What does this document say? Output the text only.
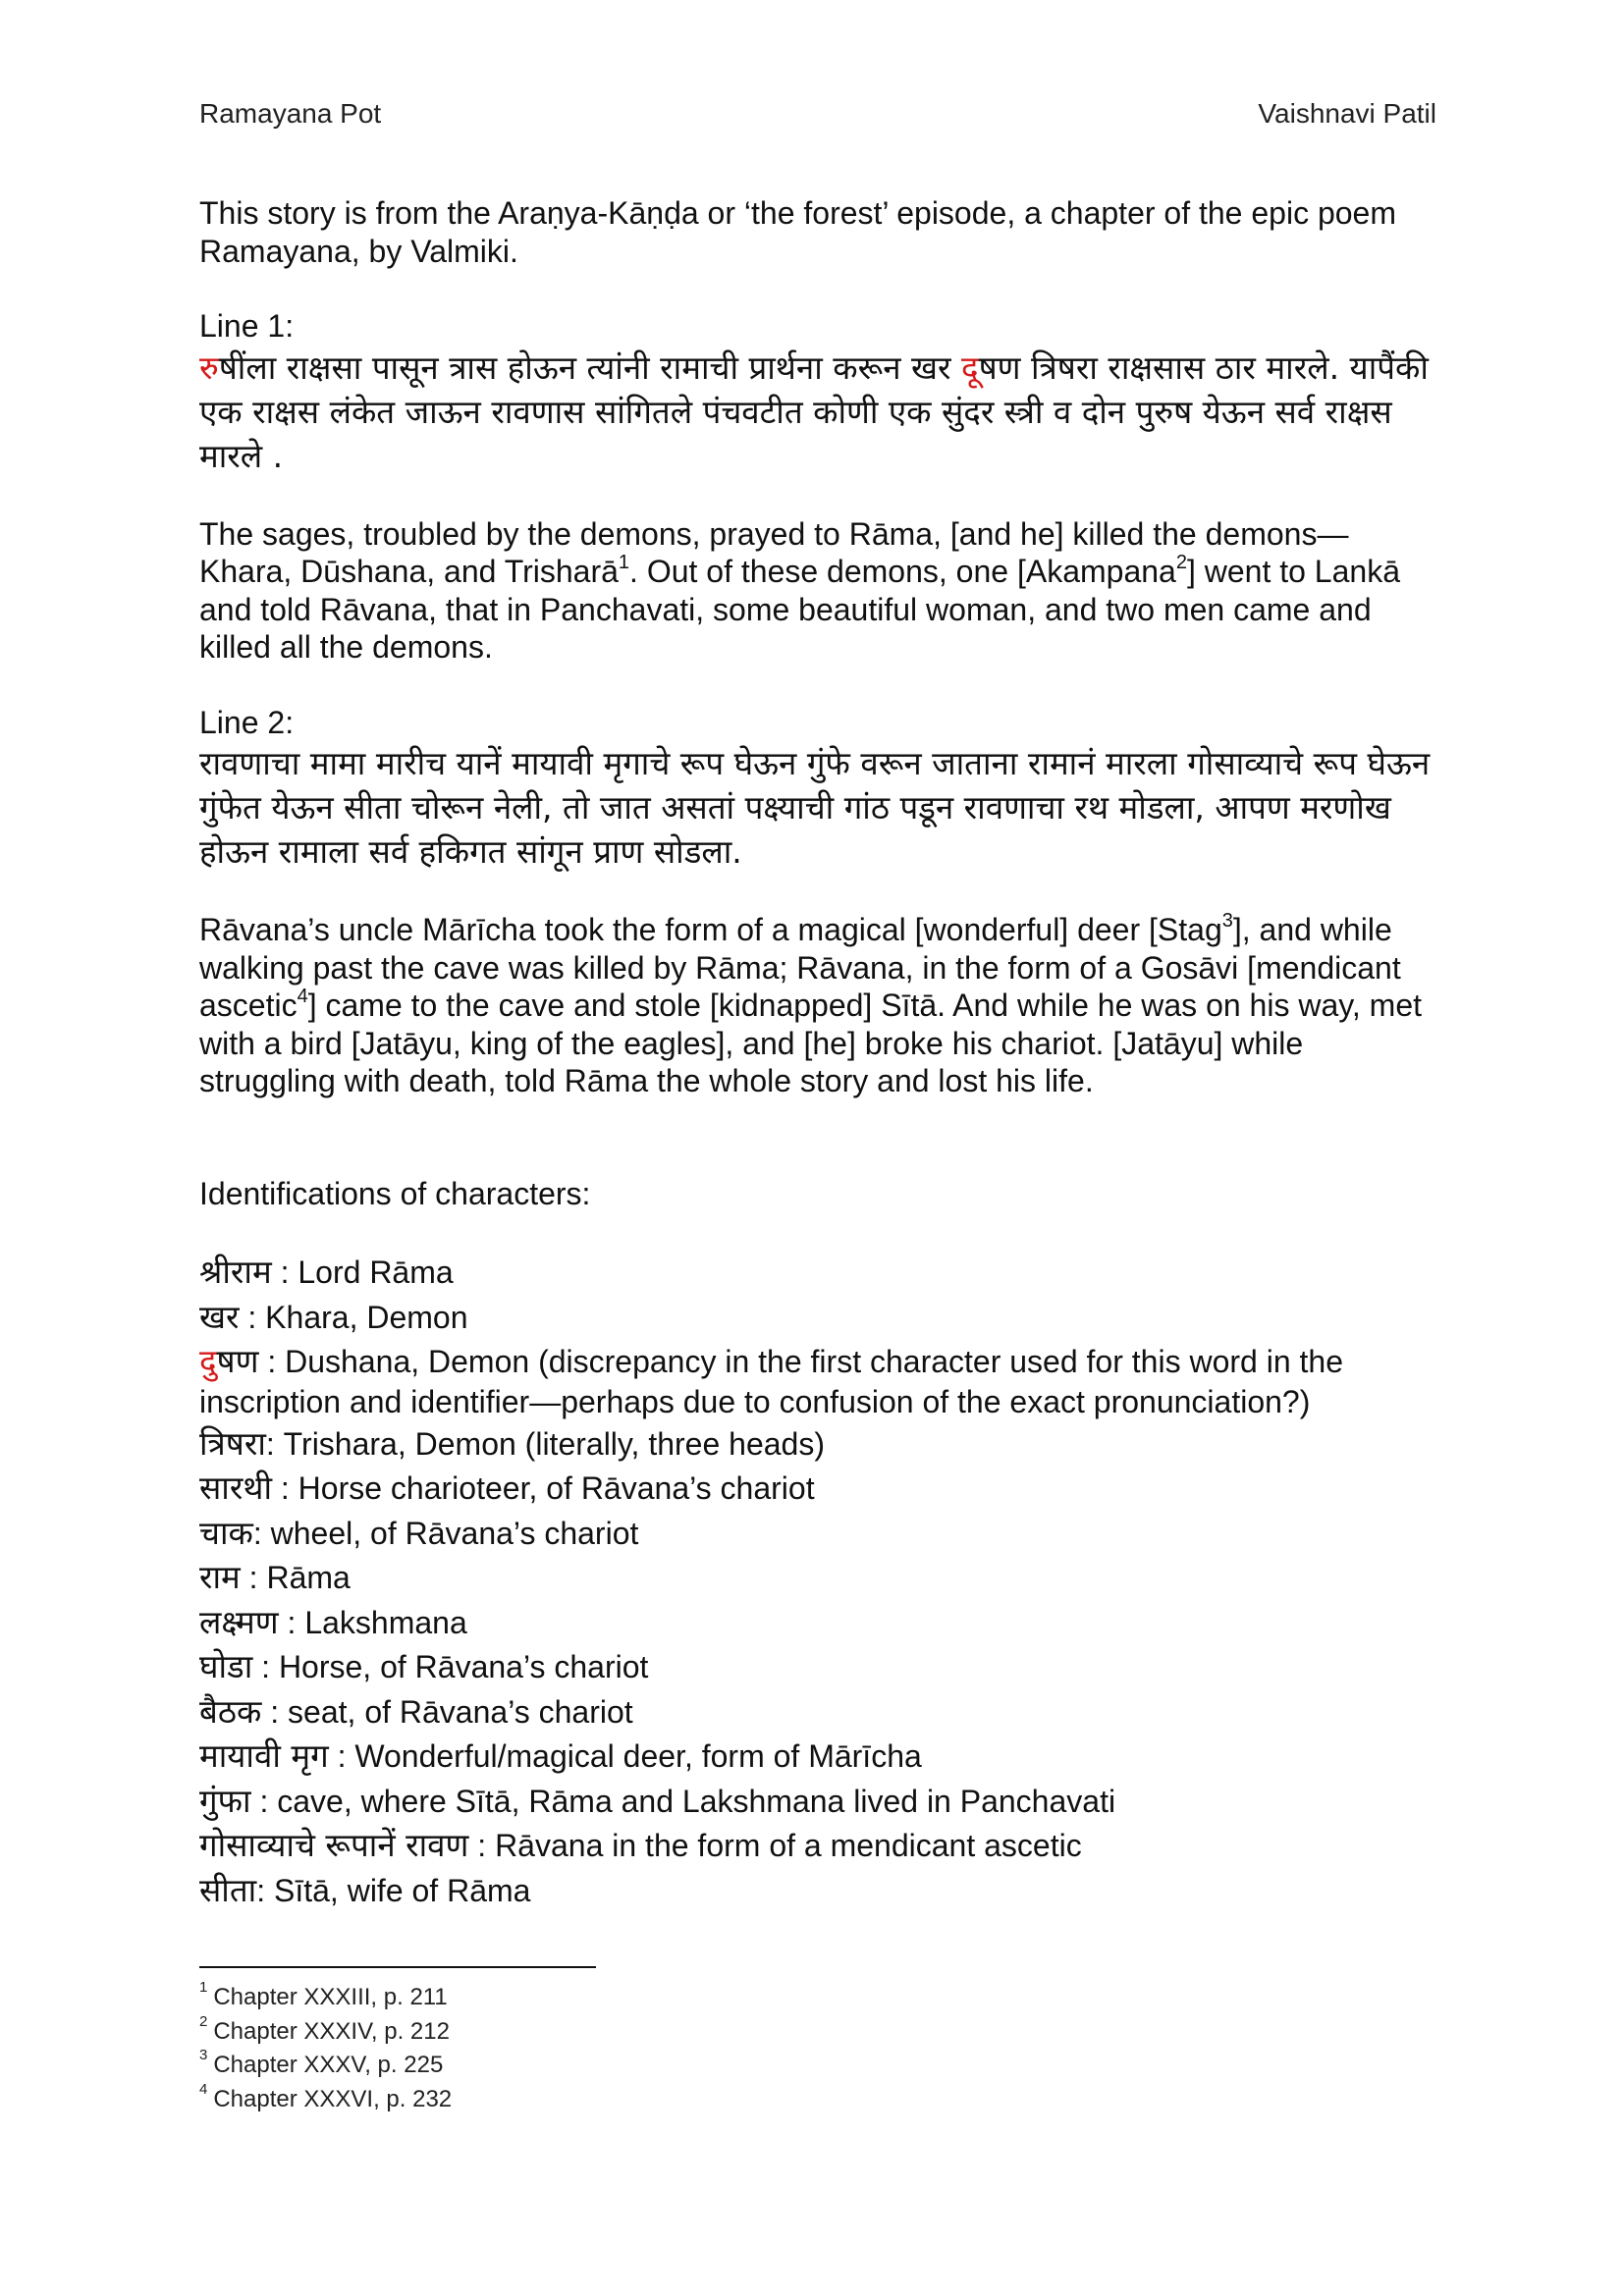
Ramayana Pot	Vaishnavi Patil

This story is from the Araṇya-Kāṇḍa or ‘the forest’ episode, a chapter of the epic poem Ramayana, by Valmiki.

Line 1:

रुषींला राक्षसा पासून त्रास होऊन त्यांनी रामाची प्रार्थना करून खर दूषण त्रिषरा राक्षसास ठार मारले. यापैंकी एक राक्षस लंकेत जाऊन रावणास सांगितले पंचवटीत कोणी एक सुंदर स्त्री व दोन पुरुष येऊन सर्व राक्षस मारले .

The sages, troubled by the demons, prayed to Rāma, [and he] killed the demons—Khara, Dūshana, and Trisharā$^1$. Out of these demons, one [Akampana$^2$] went to Lankā and told Rāvana, that in Panchavati, some beautiful woman, and two men came and killed all the demons.

Line 2:

रावणाचा मामा मारीच यानें मायावी मृगाचे रूप घेऊन गुंफे वरून जाताना रामानं मारला गोसाव्याचे रूप घेऊन गुंफेत येऊन सीता चोरून नेली, तो जात असतां पक्ष्याची गांठ पडून रावणाचा रथ मोडला, आपण मरणोख होऊन रामाला सर्व हकिगत सांगून प्राण सोडला.

Rāvana’s uncle Mārīcha took the form of a magical [wonderful] deer [Stag$^3$], and while walking past the cave was killed by Rāma; Rāvana, in the form of a Gosāvi [mendicant ascetic$^4$] came to the cave and stole [kidnapped] Sītā. And while he was on his way, met with a bird [Jatāyu, king of the eagles], and [he] broke his chariot. [Jatāyu] while struggling with death, told Rāma the whole story and lost his life.

Identifications of characters:

श्रीराम : Lord Rāma

खर : Khara, Demon

दुषण : Dushana, Demon (discrepancy in the first character used for this word in the inscription and identifier—perhaps due to confusion of the exact pronunciation?)

त्रिषरा: Trishara, Demon (literally, three heads)

सारथी : Horse charioteer, of Rāvana’s chariot

चाक: wheel, of Rāvana’s chariot

राम : Rāma

लक्ष्मण : Lakshmana

घोडा : Horse, of Rāvana’s chariot

बैठक : seat, of Rāvana’s chariot

मायावी मृग : Wonderful/magical deer, form of Mārīcha

गुंफा : cave, where Sītā, Rāma and Lakshmana lived in Panchavati

गोसाव्याचे रूपानें रावण : Rāvana in the form of a mendicant ascetic

सीता: Sītā, wife of Rāma

$^1$ Chapter XXXIII, p. 211
$^2$ Chapter XXXIV, p. 212
$^3$ Chapter XXXV, p. 225
$^4$ Chapter XXXVI, p. 232
